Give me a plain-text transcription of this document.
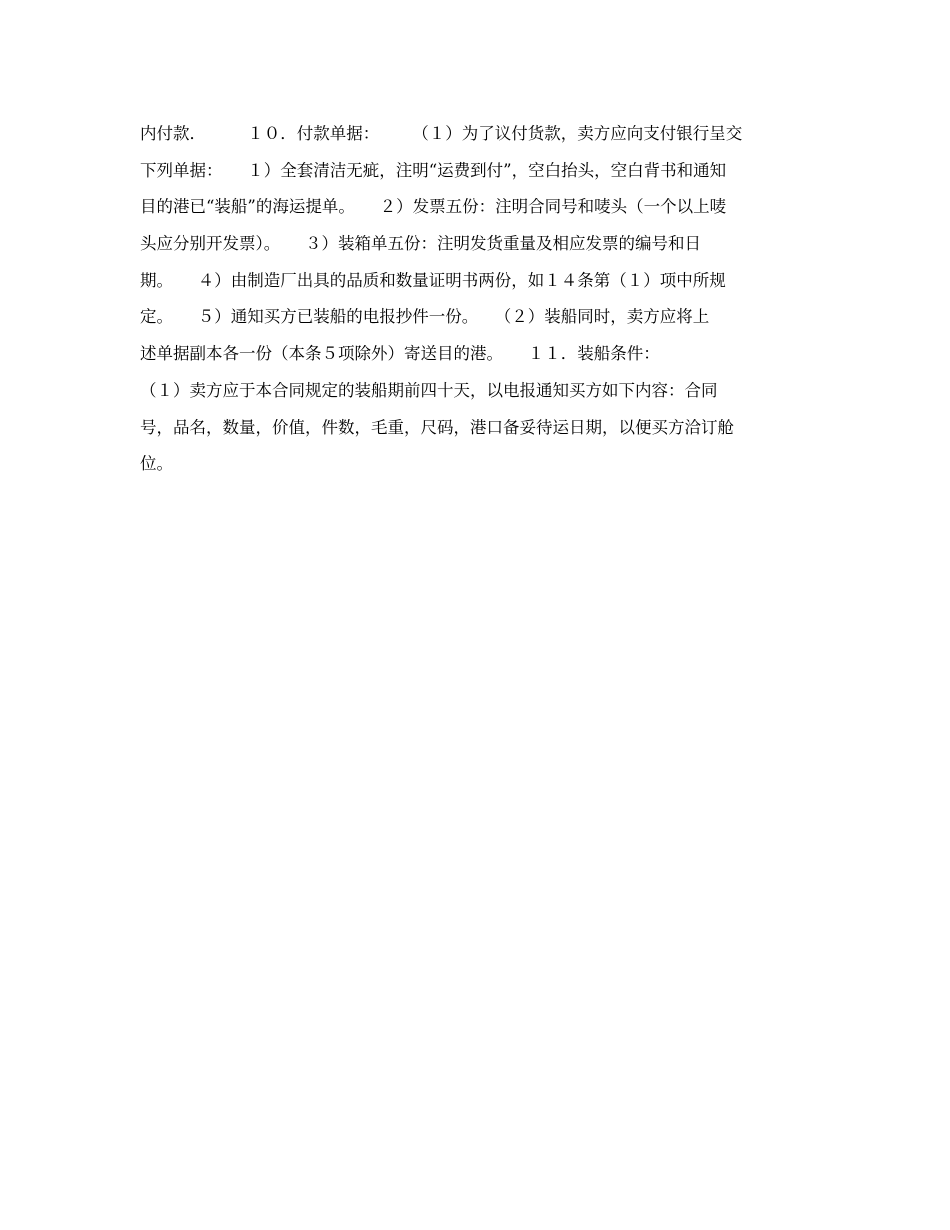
内付款．　　　１０．付款单据：　　　（１）为了议付货款，卖方应向支付银行呈交
下列单据：　　１）全套清洁无疵，注明“运费到付”，空白抬头，空白背书和通知
目的港已“装船”的海运提单。　　２）发票五份：注明合同号和唛头（一个以上唛
头应分别开发票）。　　３）装箱单五份：注明发货重量及相应发票的编号和日
期。　　４）由制造厂出具的品质和数量证明书两份，如１４条第（１）项中所规
定。　　５）通知买方已装船的电报抄件一份。　　（２）装船同时，卖方应将上
述单据副本各一份（本条５项除外）寄送目的港。　　１１．装船条件：
（１）卖方应于本合同规定的装船期前四十天，以电报通知买方如下内容：合同
号，品名，数量，价值，件数，毛重，尺码，港口备妥待运日期，以便买方洽订舱
位。
